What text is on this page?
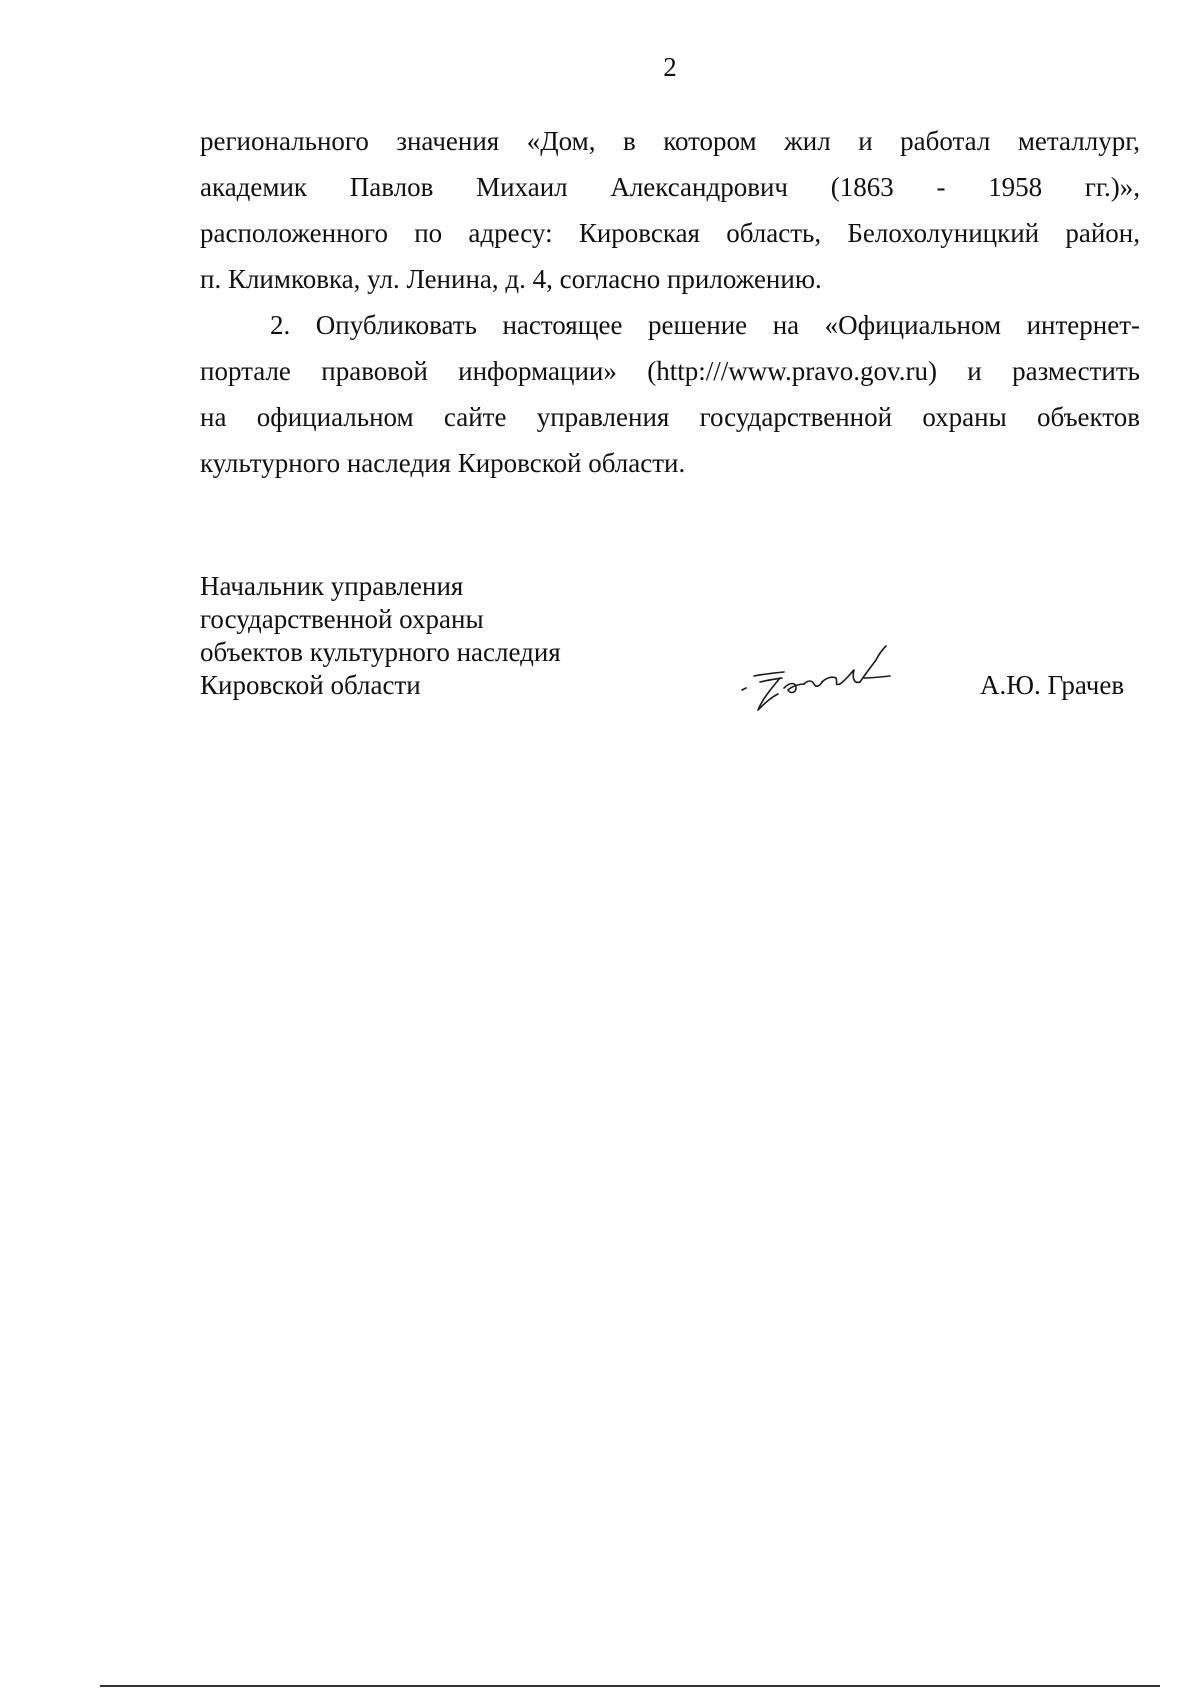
2
регионального значения «Дом, в котором жил и работал металлург,
академик Павлов Михаил Александрович (1863 - 1958 гг.)»,
расположенного по адресу: Кировская область, Белохолуницкий район,
п. Климковка, ул. Ленина, д. 4, согласно приложению.
2. Опубликовать настоящее решение на «Официальном интернет-
портале правовой информации» (http:///www.pravo.gov.ru) и разместить
на официальном сайте управления государственной охраны объектов
культурного наследия Кировской области.
Начальник управления
государственной охраны
объектов культурного наследия
Кировской области	А.Ю. Грачев
